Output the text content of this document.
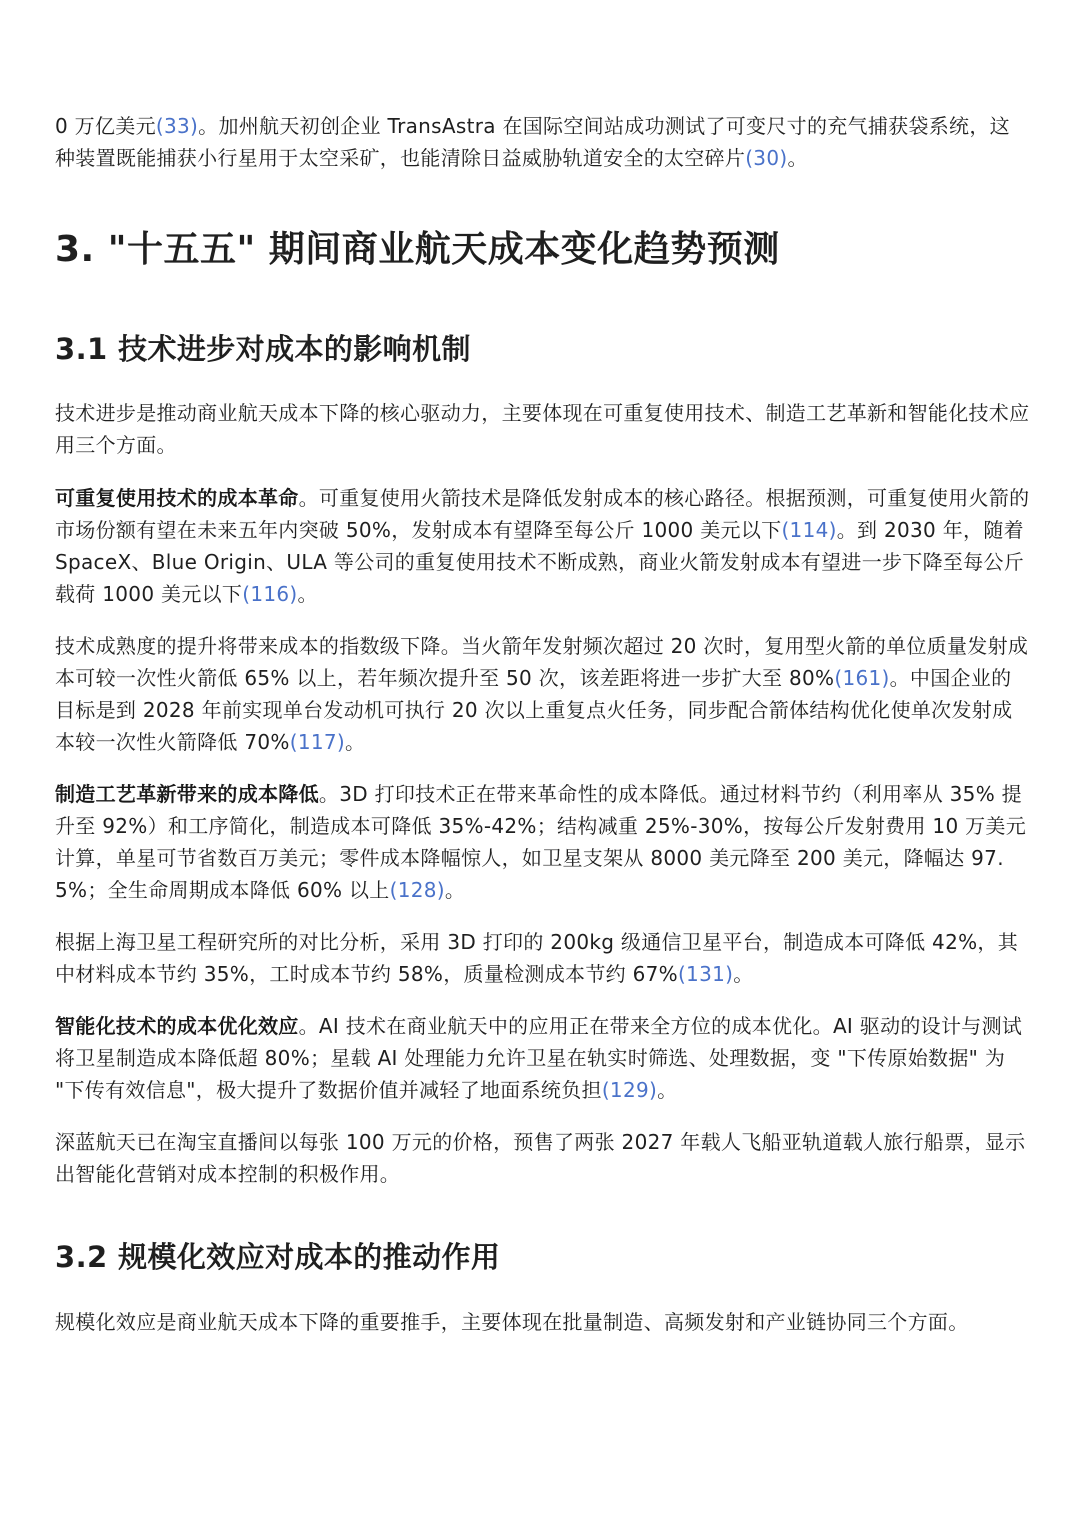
0 万亿美元(33)。加州航天初创企业 TransAstra 在国际空间站成功测试了可变尺寸的充气捕获袋系统，这种装置既能捕获小行星用于太空采矿，也能清除日益威胁轨道安全的太空碎片(30)。

3. "十五五" 期间商业航天成本变化趋势预测
3.1 技术进步对成本的影响机制

技术进步是推动商业航天成本下降的核心驱动力，主要体现在可重复使用技术、制造工艺革新和智能化技术应用三个方面。

可重复使用技术的成本革命。可重复使用火箭技术是降低发射成本的核心路径。根据预测，可重复使用火箭的市场份额有望在未来五年内突破 50%，发射成本有望降至每公斤 1000 美元以下(114)。到 2030 年，随着 SpaceX、Blue Origin、ULA 等公司的重复使用技术不断成熟，商业火箭发射成本有望进一步下降至每公斤载荷 1000 美元以下(116)。

技术成熟度的提升将带来成本的指数级下降。当火箭年发射频次超过 20 次时，复用型火箭的单位质量发射成本可较一次性火箭低 65% 以上，若年频次提升至 50 次，该差距将进一步扩大至 80%(161)。中国企业的目标是到 2028 年前实现单台发动机可执行 20 次以上重复点火任务，同步配合箭体结构优化使单次发射成本较一次性火箭降低 70%(117)。

制造工艺革新带来的成本降低。3D 打印技术正在带来革命性的成本降低。通过材料节约（利用率从 35% 提升至 92%）和工序简化，制造成本可降低 35%-42%；结构减重 25%-30%，按每公斤发射费用 10 万美元计算，单星可节省数百万美元；零件成本降幅惊人，如卫星支架从 8000 美元降至 200 美元，降幅达 97.5%；全生命周期成本降低 60% 以上(128)。

根据上海卫星工程研究所的对比分析，采用 3D 打印的 200kg 级通信卫星平台，制造成本可降低 42%，其中材料成本节约 35%，工时成本节约 58%，质量检测成本节约 67%(131)。

智能化技术的成本优化效应。AI 技术在商业航天中的应用正在带来全方位的成本优化。AI 驱动的设计与测试将卫星制造成本降低超 80%；星载 AI 处理能力允许卫星在轨实时筛选、处理数据，变 "下传原始数据" 为 "下传有效信息"，极大提升了数据价值并减轻了地面系统负担(129)。

深蓝航天已在淘宝直播间以每张 100 万元的价格，预售了两张 2027 年载人飞船亚轨道载人旅行船票，显示出智能化营销对成本控制的积极作用。

3.2 规模化效应对成本的推动作用

规模化效应是商业航天成本下降的重要推手，主要体现在批量制造、高频发射和产业链协同三个方面。
